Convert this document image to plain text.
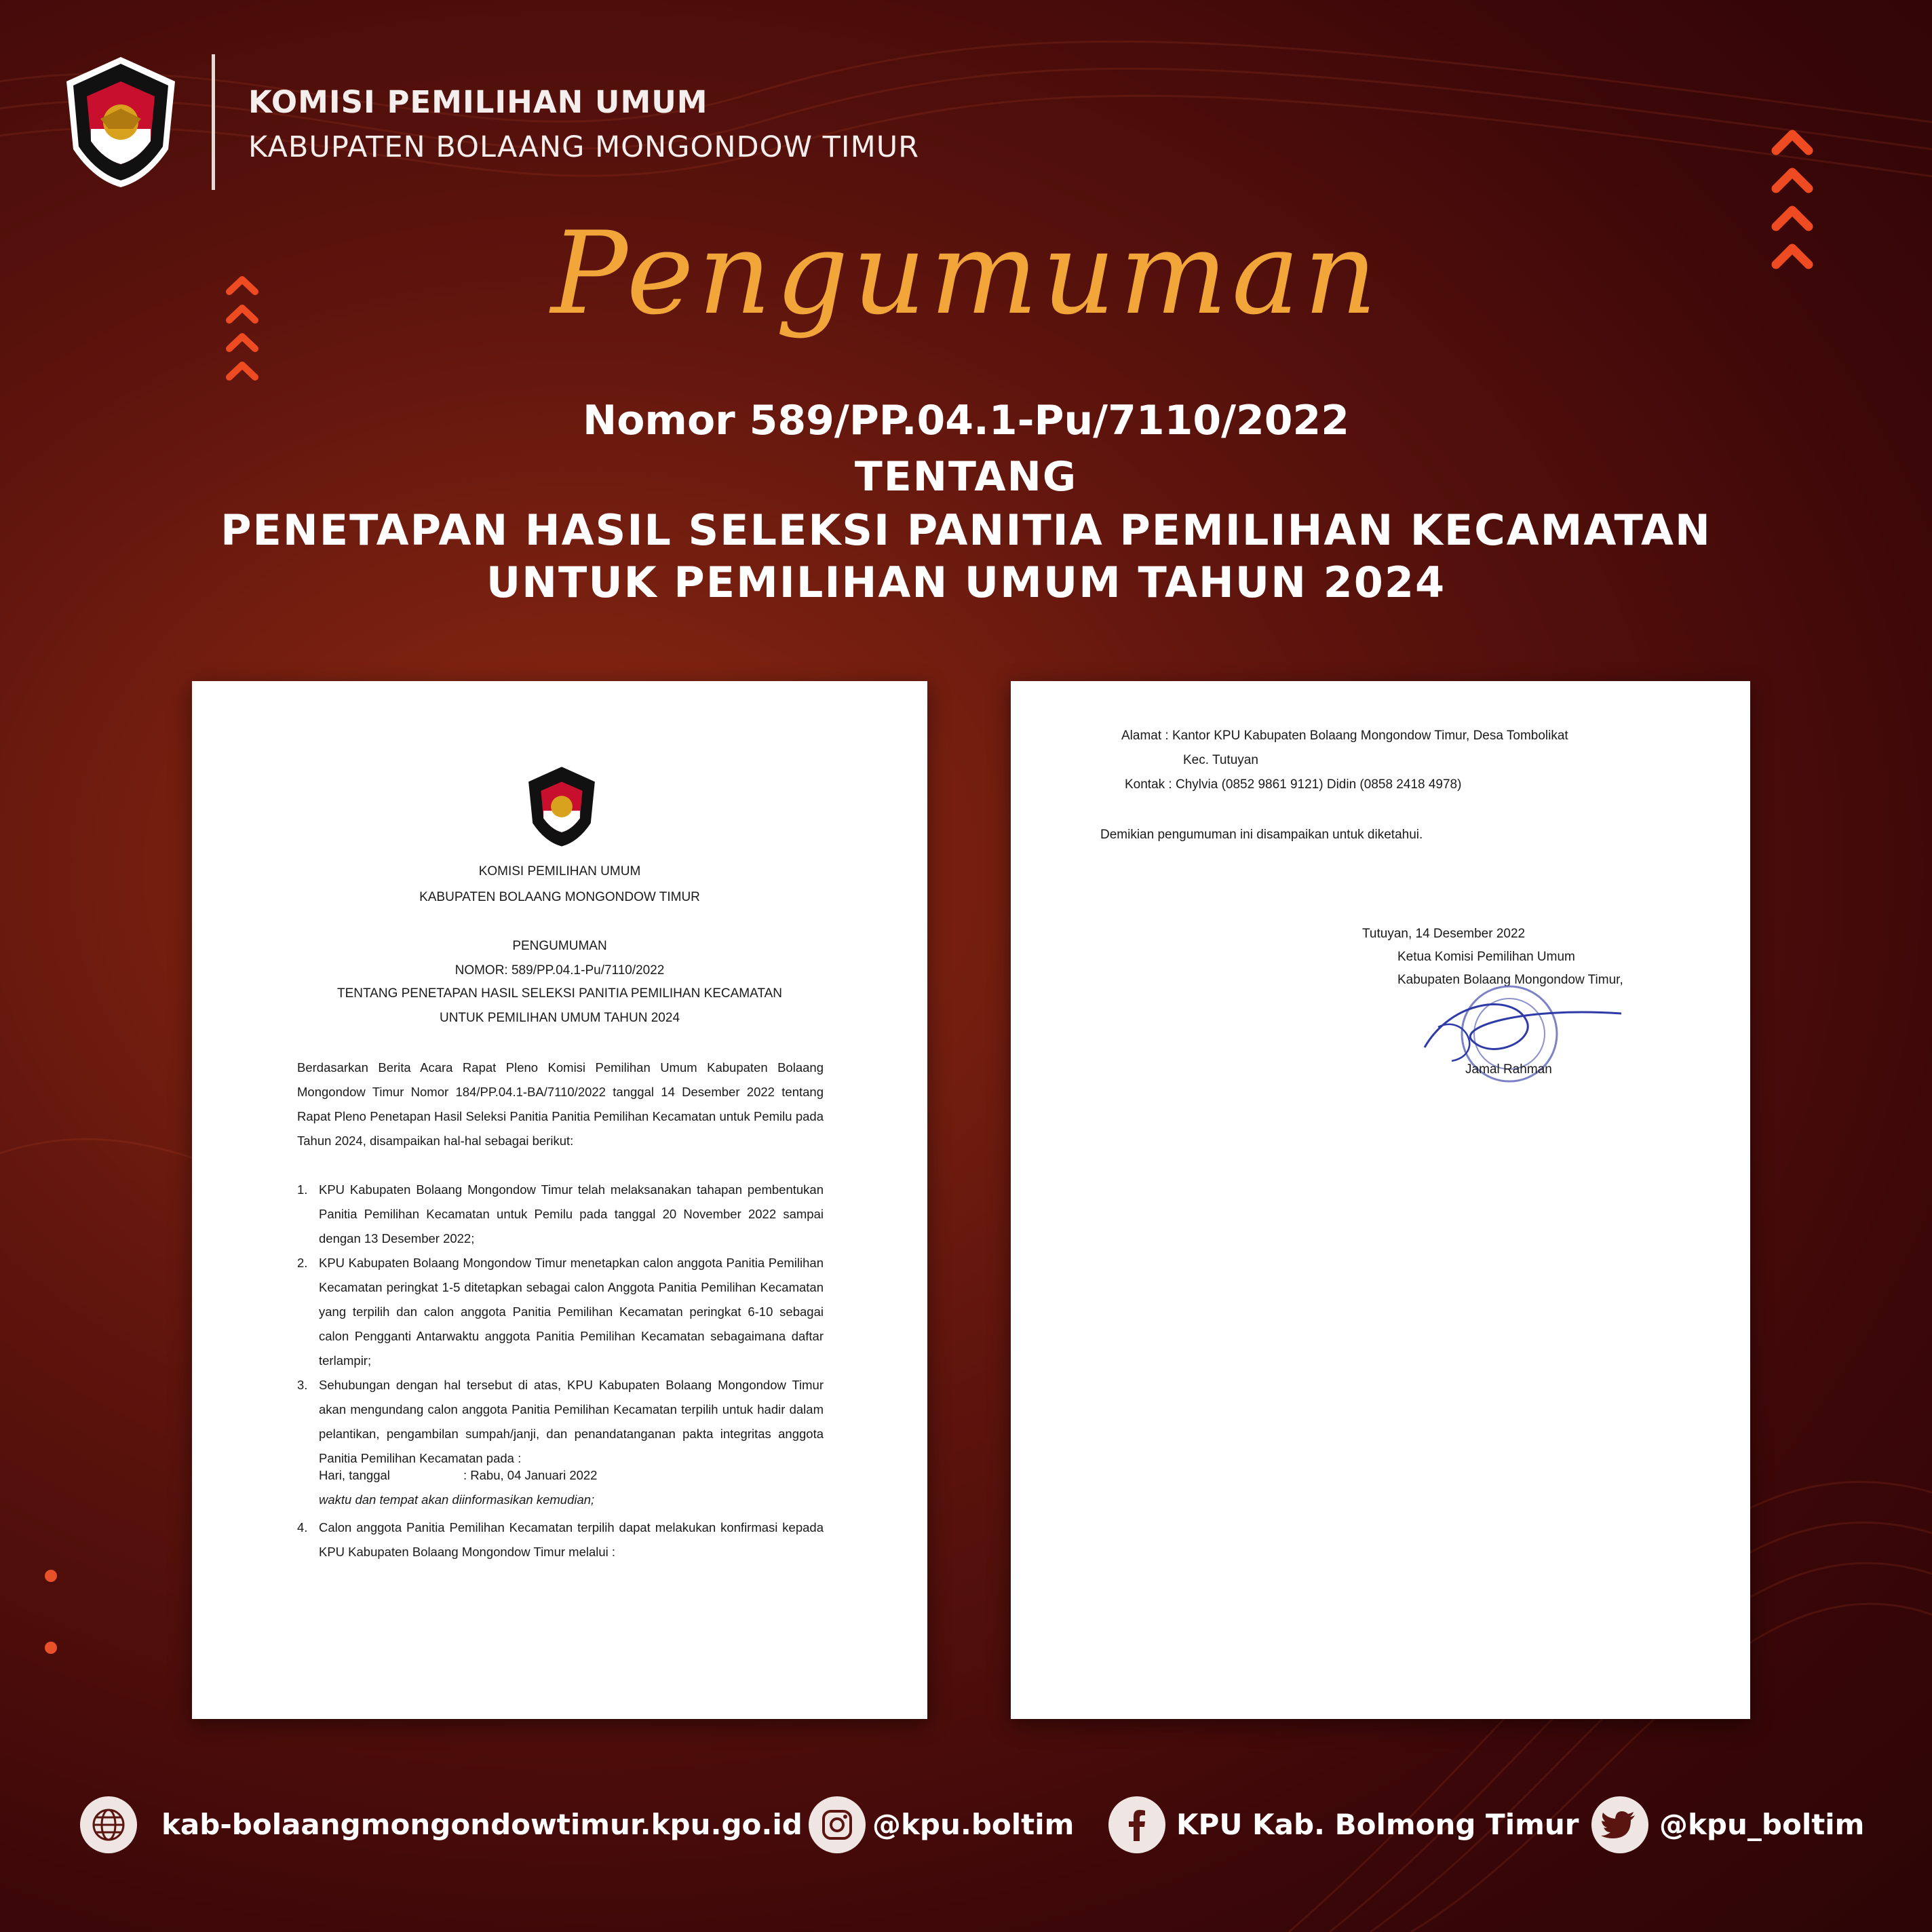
KOMISI PEMILIHAN UMUM
KABUPATEN BOLAANG MONGONDOW TIMUR
Pengumuman
Nomor 589/PP.04.1-Pu/7110/2022
TENTANG
PENETAPAN HASIL SELEKSI PANITIA PEMILIHAN KECAMATAN
UNTUK PEMILIHAN UMUM TAHUN 2024
KOMISI PEMILIHAN UMUM
KABUPATEN BOLAANG MONGONDOW TIMUR
PENGUMUMAN
NOMOR: 589/PP.04.1-Pu/7110/2022
TENTANG PENETAPAN HASIL SELEKSI PANITIA PEMILIHAN KECAMATAN
UNTUK PEMILIHAN UMUM TAHUN 2024
Berdasarkan Berita Acara Rapat Pleno Komisi Pemilihan Umum Kabupaten Bolaang Mongondow Timur Nomor 184/PP.04.1-BA/7110/2022 tanggal 14 Desember 2022 tentang Rapat Pleno Penetapan Hasil Seleksi Panitia Panitia Pemilihan Kecamatan untuk Pemilu pada Tahun 2024, disampaikan hal-hal sebagai berikut:
1. KPU Kabupaten Bolaang Mongondow Timur telah melaksanakan tahapan pembentukan Panitia Pemilihan Kecamatan untuk Pemilu pada tanggal 20 November 2022 sampai dengan 13 Desember 2022;
2. KPU Kabupaten Bolaang Mongondow Timur menetapkan calon anggota Panitia Pemilihan Kecamatan peringkat 1-5 ditetapkan sebagai calon Anggota Panitia Pemilihan Kecamatan yang terpilih dan calon anggota Panitia Pemilihan Kecamatan peringkat 6-10 sebagai calon Pengganti Antarwaktu anggota Panitia Pemilihan Kecamatan sebagaimana daftar terlampir;
3. Sehubungan dengan hal tersebut di atas, KPU Kabupaten Bolaang Mongondow Timur akan mengundang calon anggota Panitia Pemilihan Kecamatan terpilih untuk hadir dalam pelantikan, pengambilan sumpah/janji, dan penandatanganan pakta integritas anggota Panitia Pemilihan Kecamatan pada :
Hari, tanggal	: Rabu, 04 Januari 2022
waktu dan tempat akan diinformasikan kemudian;
4. Calon anggota Panitia Pemilihan Kecamatan terpilih dapat melakukan konfirmasi kepada KPU Kabupaten Bolaang Mongondow Timur melalui :
Alamat : Kantor KPU Kabupaten Bolaang Mongondow Timur, Desa Tombolikat
Kec. Tutuyan
Kontak : Chylvia (0852 9861 9121) Didin (0858 2418 4978)
Demikian pengumuman ini disampaikan untuk diketahui.
Tutuyan, 14 Desember 2022
Ketua Komisi Pemilihan Umum
Kabupaten Bolaang Mongondow Timur,
Jamal Rahman
kab-bolaangmongondowtimur.kpu.go.id @kpu.boltim	KPU Kab. Bolmong Timur	@kpu_boltim
